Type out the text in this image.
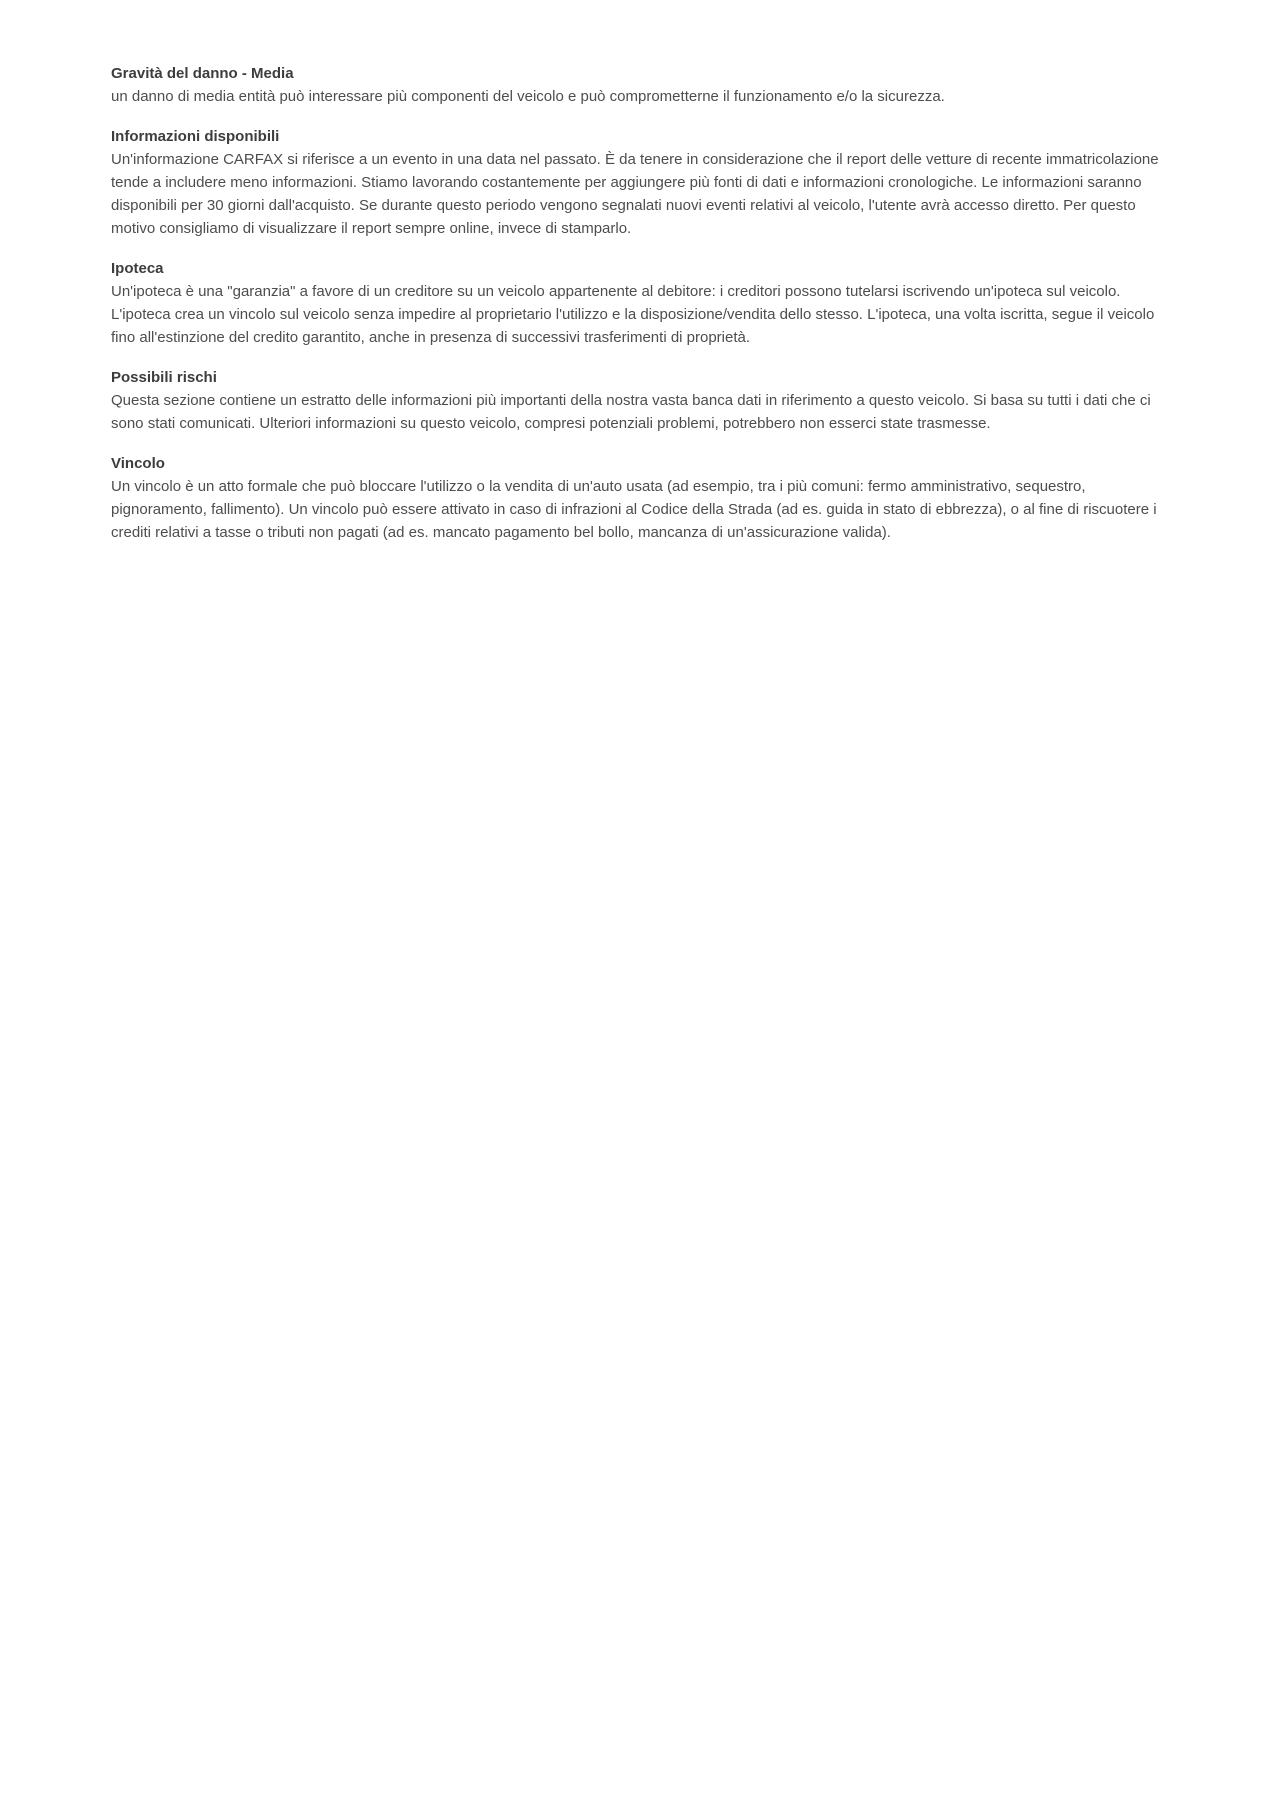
Gravità del danno - Media

un danno di media entità può interessare più componenti del veicolo e può comprometterne il funzionamento e/o la sicurezza.

Informazioni disponibili

Un'informazione CARFAX si riferisce a un evento in una data nel passato. È da tenere in considerazione che il report delle vetture di recente immatricolazione tende a includere meno informazioni. Stiamo lavorando costantemente per aggiungere più fonti di dati e informazioni cronologiche. Le informazioni saranno disponibili per 30 giorni dall'acquisto. Se durante questo periodo vengono segnalati nuovi eventi relativi al veicolo, l'utente avrà accesso diretto. Per questo motivo consigliamo di visualizzare il report sempre online, invece di stamparlo.

Ipoteca

Un'ipoteca è una "garanzia" a favore di un creditore su un veicolo appartenente al debitore: i creditori possono tutelarsi iscrivendo un'ipoteca sul veicolo. L'ipoteca crea un vincolo sul veicolo senza impedire al proprietario l'utilizzo e la disposizione/vendita dello stesso. L'ipoteca, una volta iscritta, segue il veicolo fino all'estinzione del credito garantito, anche in presenza di successivi trasferimenti di proprietà.

Possibili rischi

Questa sezione contiene un estratto delle informazioni più importanti della nostra vasta banca dati in riferimento a questo veicolo. Si basa su tutti i dati che ci sono stati comunicati. Ulteriori informazioni su questo veicolo, compresi potenziali problemi, potrebbero non esserci state trasmesse.

Vincolo

Un vincolo è un atto formale che può bloccare l'utilizzo o la vendita di un'auto usata (ad esempio, tra i più comuni: fermo amministrativo, sequestro, pignoramento, fallimento). Un vincolo può essere attivato in caso di infrazioni al Codice della Strada (ad es. guida in stato di ebbrezza), o al fine di riscuotere i crediti relativi a tasse o tributi non pagati (ad es. mancato pagamento bel bollo, mancanza di un'assicurazione valida).
